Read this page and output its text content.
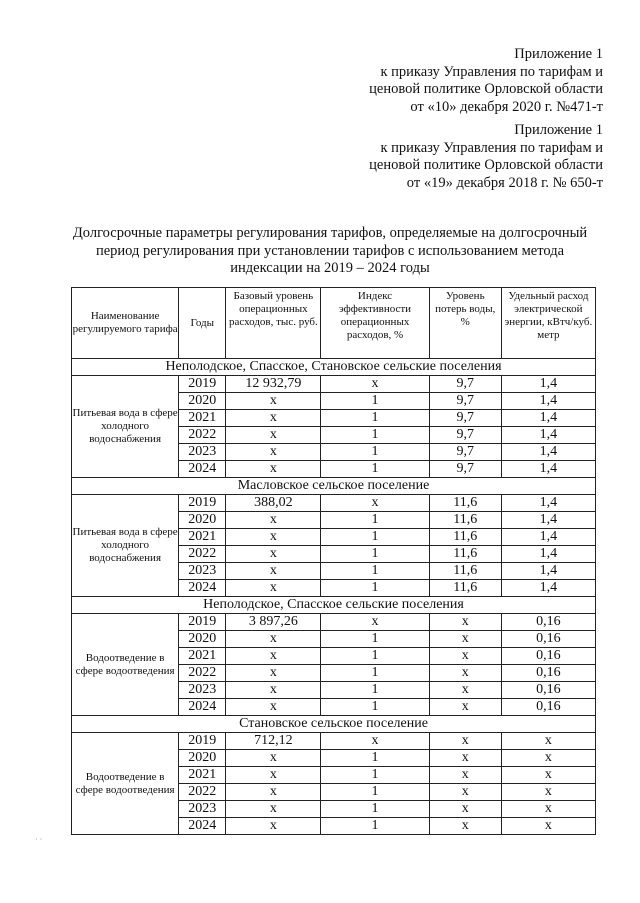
Приложение 1
к приказу Управления по тарифам и
ценовой политике Орловской области
от «10» декабря 2020 г. №471-т
Приложение 1
к приказу Управления по тарифам и
ценовой политике Орловской области
от «19» декабря 2018 г. № 650-т
Долгосрочные параметры регулирования тарифов, определяемые на долгосрочный
период регулирования при установлении тарифов с использованием метода
индексации на 2019 – 2024 годы
Наименование регулируемого тарифа	Годы	Базовый уровень операционных расходов, тыс. руб.	Индекс эффективности операционных расходов, %	Уровень потерь воды, %	Удельный расход электрической энергии, кВтч/куб. метр
Неполодское, Спасское, Становское сельские поселения					
Питьевая вода в сфере холодного водоснабжения	2019	12 932,79	x	9,7	1,4
	2020	x	1	9,7	1,4
	2021	x	1	9,7	1,4
	2022	x	1	9,7	1,4
	2023	x	1	9,7	1,4
	2024	x	1	9,7	1,4
Масловское сельское поселение					
Питьевая вода в сфере холодного водоснабжения	2019	388,02	x	11,6	1,4
	2020	x	1	11,6	1,4
	2021	x	1	11,6	1,4
	2022	x	1	11,6	1,4
	2023	x	1	11,6	1,4
	2024	x	1	11,6	1,4
Неполодское, Спасское сельские поселения					
Водоотведение в сфере водоотведения	2019	3 897,26	x	x	0,16
	2020	x	1	x	0,16
	2021	x	1	x	0,16
	2022	x	1	x	0,16
	2023	x	1	x	0,16
	2024	x	1	x	0,16
Становское сельское поселение					
Водоотведение в сфере водоотведения	2019	712,12	x	x	x
	2020	x	1	x	x
	2021	x	1	x	x
	2022	x	1	x	x
	2023	x	1	x	x
	2024	x	1	x	x
· ·
